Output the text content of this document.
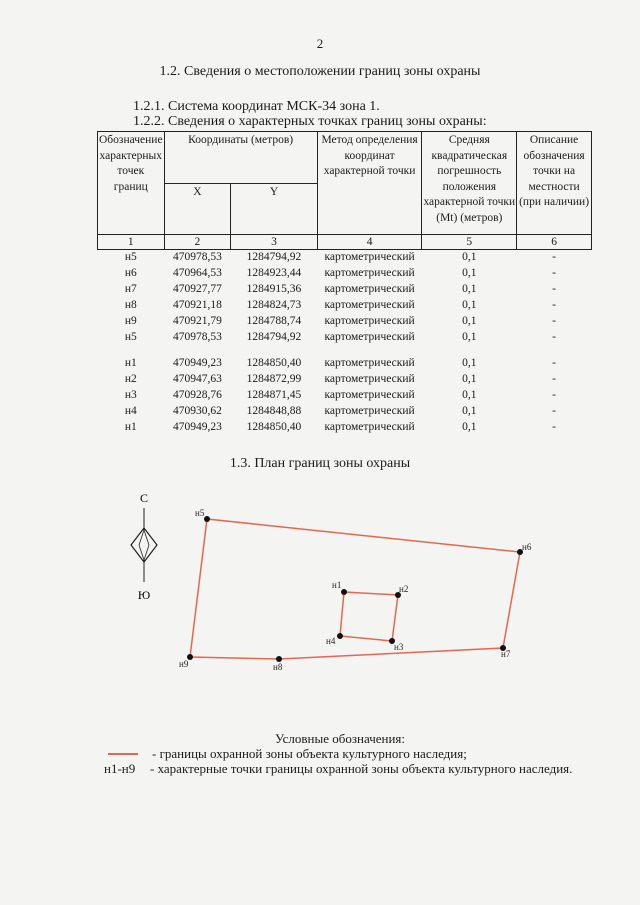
2
1.2. Сведения о местоположении границ зоны охраны
1.2.1. Система координат МСК-34 зона 1.
1.2.2. Сведения о характерных точках границ зоны охраны:
Обозначение характерных точек границ	Координаты (метров)		Метод определения координат характерной точки	Средняя квадратическая погрешность положения характерной точки (Mt) (метров)	Описание обозначения точки на местности (при наличии)
	X	Y			
1	2	3	4	5	6
н5	470978,53	1284794,92	картометрический	0,1	-
н6	470964,53	1284923,44	картометрический	0,1	-
н7	470927,77	1284915,36	картометрический	0,1	-
н8	470921,18	1284824,73	картометрический	0,1	-
н9	470921,79	1284788,74	картометрический	0,1	-
н5	470978,53	1284794,92	картометрический	0,1	-

н1	470949,23	1284850,40	картометрический	0,1	-
н2	470947,63	1284872,99	картометрический	0,1	-
н3	470928,76	1284871,45	картометрический	0,1	-
н4	470930,62	1284848,88	картометрический	0,1	-
н1	470949,23	1284850,40	картометрический	0,1	-
1.3. План границ зоны охраны
С
Ю
н5
н6
н7
н8
н9
н1	н2
н3
н4
Условные обозначения:
- границы охранной зоны объекта культурного наследия;
н1-н9	- характерные точки границы охранной зоны объекта культурного наследия.
